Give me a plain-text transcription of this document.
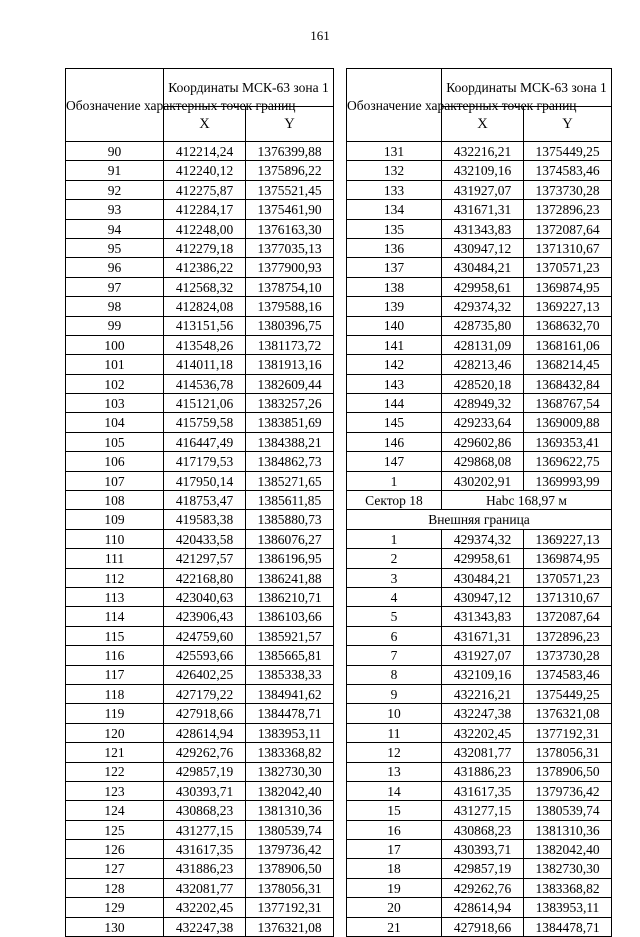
161
Обозначение характерных точек границ	Координаты МСК-63 зона 1	
	X	Y
90	412214,24	1376399,88
91	412240,12	1375896,22
92	412275,87	1375521,45
93	412284,17	1375461,90
94	412248,00	1376163,30
95	412279,18	1377035,13
96	412386,22	1377900,93
97	412568,32	1378754,10
98	412824,08	1379588,16
99	413151,56	1380396,75
100	413548,26	1381173,72
101	414011,18	1381913,16
102	414536,78	1382609,44
103	415121,06	1383257,26
104	415759,58	1383851,69
105	416447,49	1384388,21
106	417179,53	1384862,73
107	417950,14	1385271,65
108	418753,47	1385611,85
109	419583,38	1385880,73
110	420433,58	1386076,27
111	421297,57	1386196,95
112	422168,80	1386241,88
113	423040,63	1386210,71
114	423906,43	1386103,66
115	424759,60	1385921,57
116	425593,66	1385665,81
117	426402,25	1385338,33
118	427179,22	1384941,62
119	427918,66	1384478,71
120	428614,94	1383953,11
121	429262,76	1383368,82
122	429857,19	1382730,30
123	430393,71	1382042,40
124	430868,23	1381310,36
125	431277,15	1380539,74
126	431617,35	1379736,42
127	431886,23	1378906,50
128	432081,77	1378056,31
129	432202,45	1377192,31
130	432247,38	1376321,08
Обозначение характерных точек границ	Координаты МСК-63 зона 1	
	X	Y
131	432216,21	1375449,25
132	432109,16	1374583,46
133	431927,07	1373730,28
134	431671,31	1372896,23
135	431343,83	1372087,64
136	430947,12	1371310,67
137	430484,21	1370571,23
138	429958,61	1369874,95
139	429374,32	1369227,13
140	428735,80	1368632,70
141	428131,09	1368161,06
142	428213,46	1368214,45
143	428520,18	1368432,84
144	428949,32	1368767,54
145	429233,64	1369009,88
146	429602,86	1369353,41
147	429868,08	1369622,75
1	430202,91	1369993,99
Сектор 18	Нabc 168,97 м	
Внешняя граница		
1	429374,32	1369227,13
2	429958,61	1369874,95
3	430484,21	1370571,23
4	430947,12	1371310,67
5	431343,83	1372087,64
6	431671,31	1372896,23
7	431927,07	1373730,28
8	432109,16	1374583,46
9	432216,21	1375449,25
10	432247,38	1376321,08
11	432202,45	1377192,31
12	432081,77	1378056,31
13	431886,23	1378906,50
14	431617,35	1379736,42
15	431277,15	1380539,74
16	430868,23	1381310,36
17	430393,71	1382042,40
18	429857,19	1382730,30
19	429262,76	1383368,82
20	428614,94	1383953,11
21	427918,66	1384478,71
